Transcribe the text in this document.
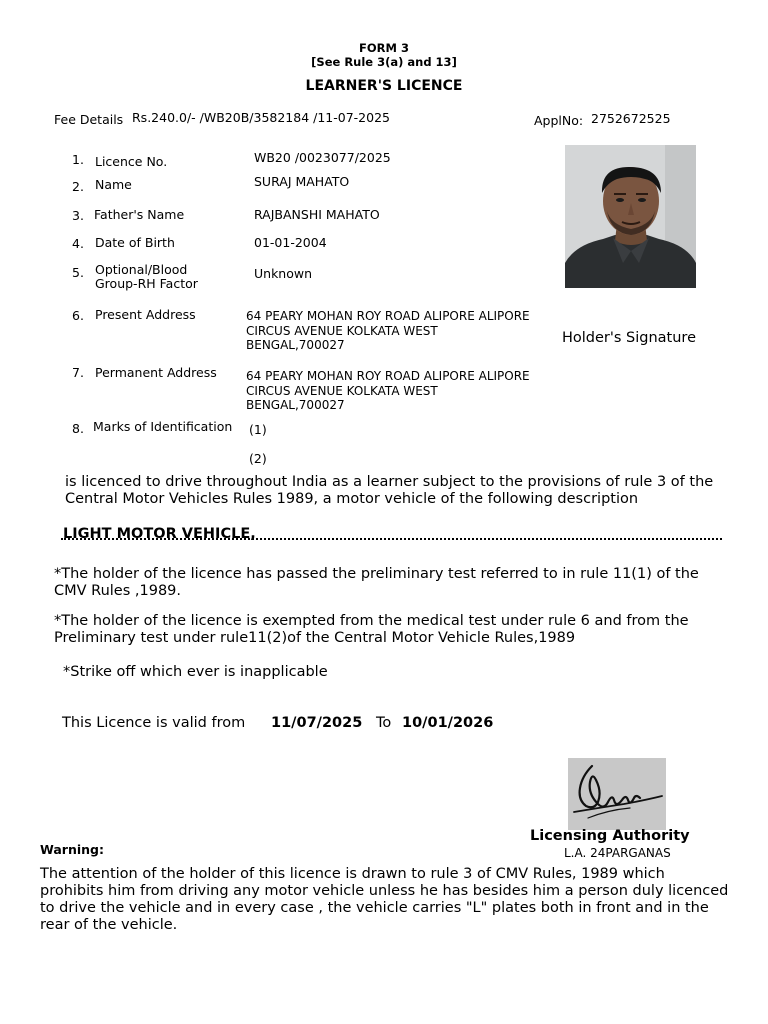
FORM 3
[See Rule 3(a) and 13]
LEARNER'S LICENCE
Fee Details Rs.240.0/- /WB20B/3582184 /11-07-2025	ApplNo: 2752672525
1. Licence No.	WB20 /0023077/2025
2. Name	SURAJ MAHATO
3. Father's Name	RAJBANSHI MAHATO
4. Date of Birth	01-01-2004
5. Optional/Blood
Group-RH Factor
Unknown
6. Present Address	64 PEARY MOHAN ROY ROAD ALIPORE ALIPORE CIRCUS AVENUE KOLKATA WEST BENGAL,700027
7. Permanent Address 64 PEARY MOHAN ROY ROAD ALIPORE ALIPORE CIRCUS AVENUE KOLKATA WEST BENGAL,700027
8. Marks of Identification (1)
(2)
Holder's Signature
is licenced to drive throughout India as a learner subject to the provisions of rule 3 of the Central Motor Vehicles Rules 1989, a motor vehicle of the following description
LIGHT MOTOR VEHICLE,
*The holder of the licence has passed the preliminary test referred to in rule 11(1) of the CMV Rules ,1989.
*The holder of the licence is exempted from the medical test under rule 6 and from the Preliminary test under rule11(2)of the Central Motor Vehicle Rules,1989
*Strike off which ever is inapplicable
This Licence is valid from 11/07/2025 To 10/01/2026
Licensing Authority
L.A. 24PARGANAS
Warning:
The attention of the holder of this licence is drawn to rule 3 of CMV Rules, 1989 which prohibits him from driving any motor vehicle unless he has besides him a person duly licenced to drive the vehicle and in every case , the vehicle carries "L" plates both in front and in the rear of the vehicle.
